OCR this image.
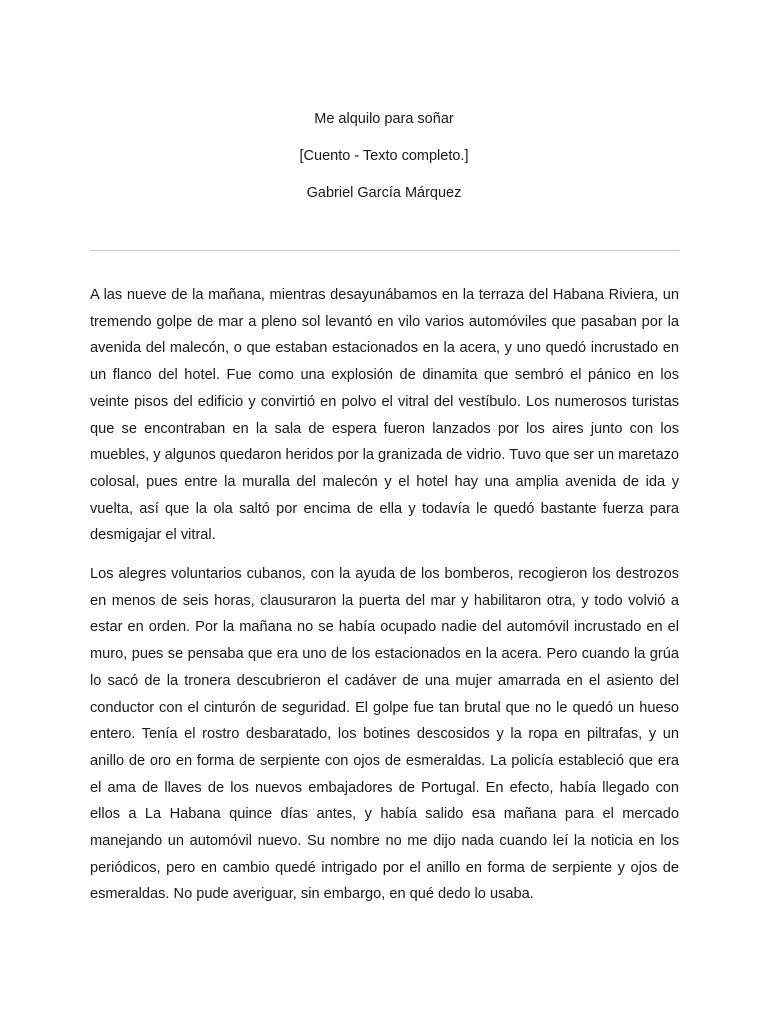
Me alquilo para soñar
[Cuento - Texto completo.]
Gabriel García Márquez

A las nueve de la mañana, mientras desayunábamos en la terraza del Habana Riviera, un tremendo golpe de mar a pleno sol levantó en vilo varios automóviles que pasaban por la avenida del malecón, o que estaban estacionados en la acera, y uno quedó incrustado en un flanco del hotel. Fue como una explosión de dinamita que sembró el pánico en los veinte pisos del edificio y convirtió en polvo el vitral del vestíbulo. Los numerosos turistas que se encontraban en la sala de espera fueron lanzados por los aires junto con los muebles, y algunos quedaron heridos por la granizada de vidrio. Tuvo que ser un maretazo colosal, pues entre la muralla del malecón y el hotel hay una amplia avenida de ida y vuelta, así que la ola saltó por encima de ella y todavía le quedó bastante fuerza para desmigajar el vitral.

Los alegres voluntarios cubanos, con la ayuda de los bomberos, recogieron los destrozos en menos de seis horas, clausuraron la puerta del mar y habilitaron otra, y todo volvió a estar en orden. Por la mañana no se había ocupado nadie del automóvil incrustado en el muro, pues se pensaba que era uno de los estacionados en la acera. Pero cuando la grúa lo sacó de la tronera descubrieron el cadáver de una mujer amarrada en el asiento del conductor con el cinturón de seguridad. El golpe fue tan brutal que no le quedó un hueso entero. Tenía el rostro desbaratado, los botines descosidos y la ropa en piltrafas, y un anillo de oro en forma de serpiente con ojos de esmeraldas. La policía estableció que era el ama de llaves de los nuevos embajadores de Portugal. En efecto, había llegado con ellos a La Habana quince días antes, y había salido esa mañana para el mercado manejando un automóvil nuevo. Su nombre no me dijo nada cuando leí la noticia en los periódicos, pero en cambio quedé intrigado por el anillo en forma de serpiente y ojos de esmeraldas. No pude averiguar, sin embargo, en qué dedo lo usaba.
